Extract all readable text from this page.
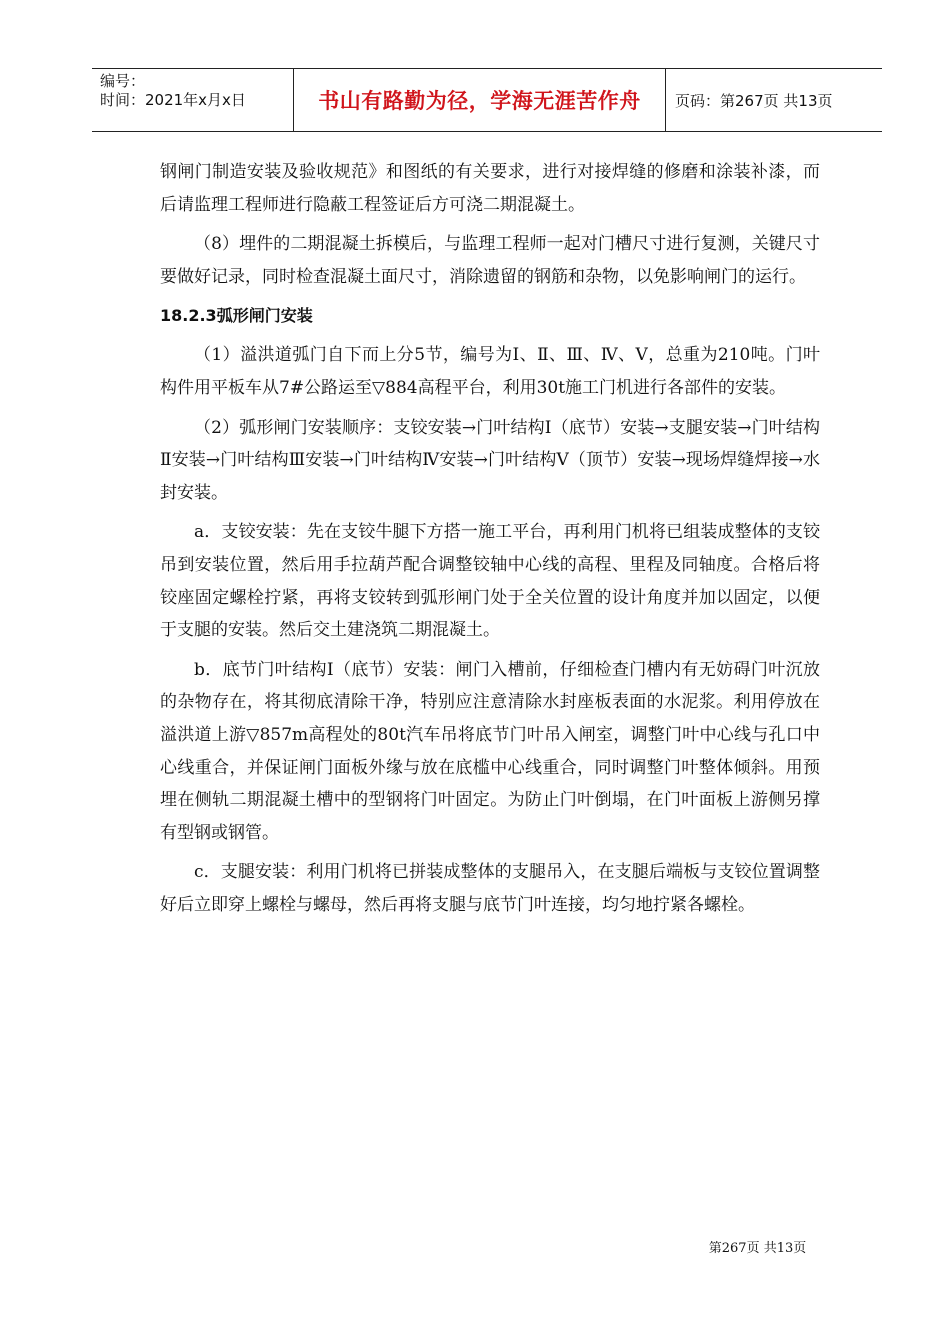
编号：
时间：2021年x月x日	书山有路勤为径，学海无涯苦作舟	页码：第267页 共13页

钢闸门制造安装及验收规范》和图纸的有关要求，进行对接焊缝的修磨和涂装补漆，而后请监理工程师进行隐蔽工程签证后方可浇二期混凝土。

（8）埋件的二期混凝土拆模后，与监理工程师一起对门槽尺寸进行复测，关键尺寸要做好记录，同时检查混凝土面尺寸，消除遗留的钢筋和杂物，以免影响闸门的运行。

18.2.3弧形闸门安装

（1）溢洪道弧门自下而上分5节，编号为Ⅰ、Ⅱ、Ⅲ、Ⅳ、Ⅴ，总重为210吨。门叶构件用平板车从7#公路运至▽884高程平台，利用30t施工门机进行各部件的安装。

（2）弧形闸门安装顺序：支铰安装→门叶结构Ⅰ（底节）安装→支腿安装→门叶结构Ⅱ安装→门叶结构Ⅲ安装→门叶结构Ⅳ安装→门叶结构Ⅴ（顶节）安装→现场焊缝焊接→水封安装。

a．支铰安装：先在支铰牛腿下方搭一施工平台，再利用门机将已组装成整体的支铰吊到安装位置，然后用手拉葫芦配合调整铰轴中心线的高程、里程及同轴度。合格后将铰座固定螺栓拧紧，再将支铰转到弧形闸门处于全关位置的设计角度并加以固定，以便于支腿的安装。然后交土建浇筑二期混凝土。

b．底节门叶结构Ⅰ（底节）安装：闸门入槽前，仔细检查门槽内有无妨碍门叶沉放的杂物存在，将其彻底清除干净，特别应注意清除水封座板表面的水泥浆。利用停放在溢洪道上游▽857m高程处的80t汽车吊将底节门叶吊入闸室，调整门叶中心线与孔口中心线重合，并保证闸门面板外缘与放在底槛中心线重合，同时调整门叶整体倾斜。用预埋在侧轨二期混凝土槽中的型钢将门叶固定。为防止门叶倒塌，在门叶面板上游侧另撑有型钢或钢管。

c．支腿安装：利用门机将已拼装成整体的支腿吊入，在支腿后端板与支铰位置调整好后立即穿上螺栓与螺母，然后再将支腿与底节门叶连接，均匀地拧紧各螺栓。

第267页 共13页
